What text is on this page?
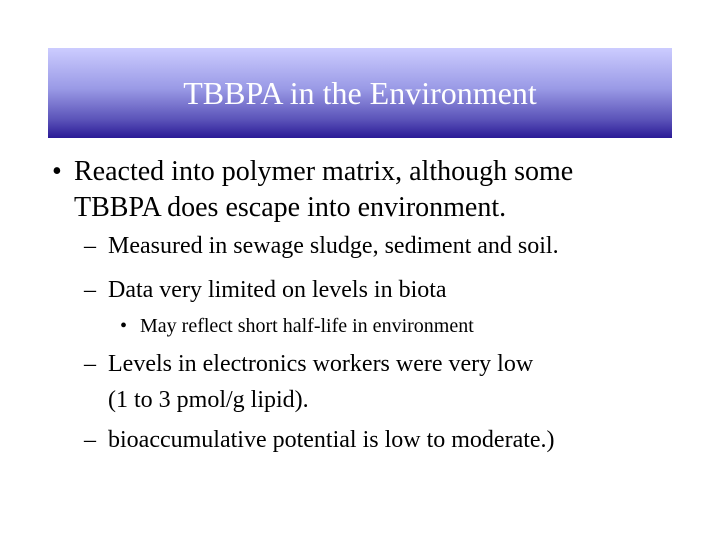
TBBPA in the Environment
• Reacted into polymer matrix, although some
TBBPA does escape into environment.
– Measured in sewage sludge, sediment and soil.
– Data very limited on levels in biota
• May reflect short half-life in environment
– Levels in electronics workers were very low
(1 to 3 pmol/g lipid).
– bioaccumulative potential is low to moderate.)
